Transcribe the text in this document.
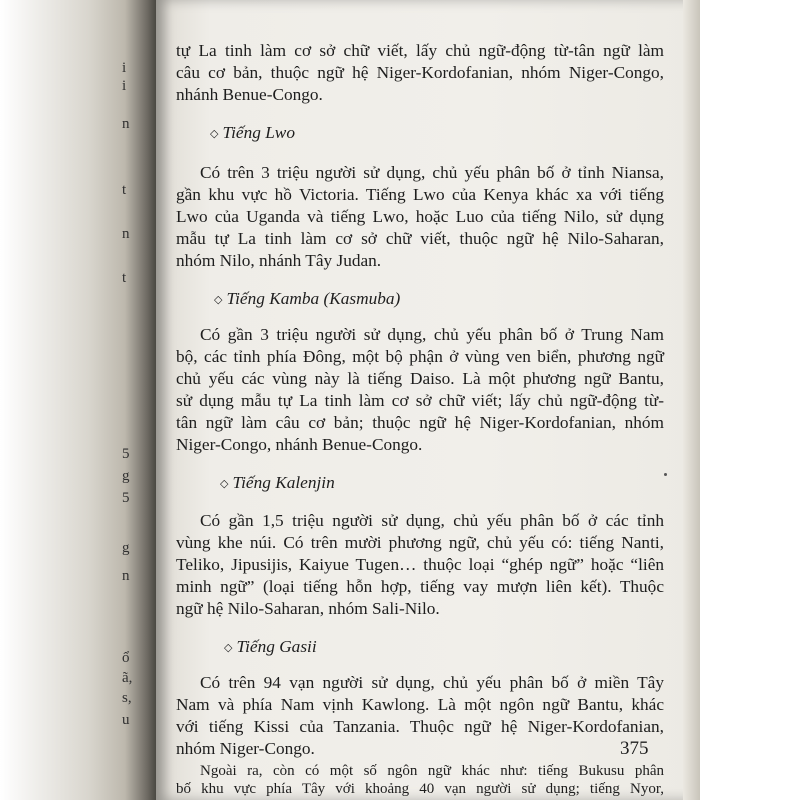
i
i
n
t
n
t
5
g
5
g
n
ổ
ã,
s,
u
tự La tinh làm cơ sở chữ viết, lấy chủ ngữ-động từ-tân ngữ làm
câu cơ bản, thuộc ngữ hệ Niger-Kordofanian, nhóm Niger-Congo,
nhánh Benue-Congo.
◇ Tiếng Lwo
Có trên 3 triệu người sử dụng, chủ yếu phân bố ở tỉnh Niansa,
gần khu vực hồ Victoria. Tiếng Lwo của Kenya khác xa với tiếng
Lwo của Uganda và tiếng Lwo, hoặc Luo của tiếng Nilo, sử dụng
mẫu tự La tinh làm cơ sở chữ viết, thuộc ngữ hệ Nilo-Saharan,
nhóm Nilo, nhánh Tây Judan.
◇ Tiếng Kamba (Kasmuba)
Có gần 3 triệu người sử dụng, chủ yếu phân bố ở Trung Nam
bộ, các tỉnh phía Đông, một bộ phận ở vùng ven biển, phương ngữ
chủ yếu các vùng này là tiếng Daiso. Là một phương ngữ Bantu,
sử dụng mẫu tự La tinh làm cơ sở chữ viết; lấy chủ ngữ-động từ-
tân ngữ làm câu cơ bản; thuộc ngữ hệ Niger-Kordofanian, nhóm
Niger-Congo, nhánh Benue-Congo.
◇ Tiếng Kalenjin
Có gần 1,5 triệu người sử dụng, chủ yếu phân bố ở các tỉnh
vùng khe núi. Có trên mười phương ngữ, chủ yếu có: tiếng Nanti,
Teliko, Jipusijis, Kaiyue Tugen… thuộc loại “ghép ngữ” hoặc “liên
minh ngữ” (loại tiếng hỗn hợp, tiếng vay mượn liên kết). Thuộc
ngữ hệ Nilo-Saharan, nhóm Sali-Nilo.
◇ Tiếng Gasii
Có trên 94 vạn người sử dụng, chủ yếu phân bố ở miền Tây
Nam và phía Nam vịnh Kawlong. Là một ngôn ngữ Bantu, khác
với tiếng Kissi của Tanzania. Thuộc ngữ hệ Niger-Kordofanian,
nhóm Niger-Congo.
Ngoài ra, còn có một số ngôn ngữ khác như: tiếng Bukusu phân
bố khu vực phía Tây với khoảng 40 vạn người sử dụng; tiếng Nyor,
375
